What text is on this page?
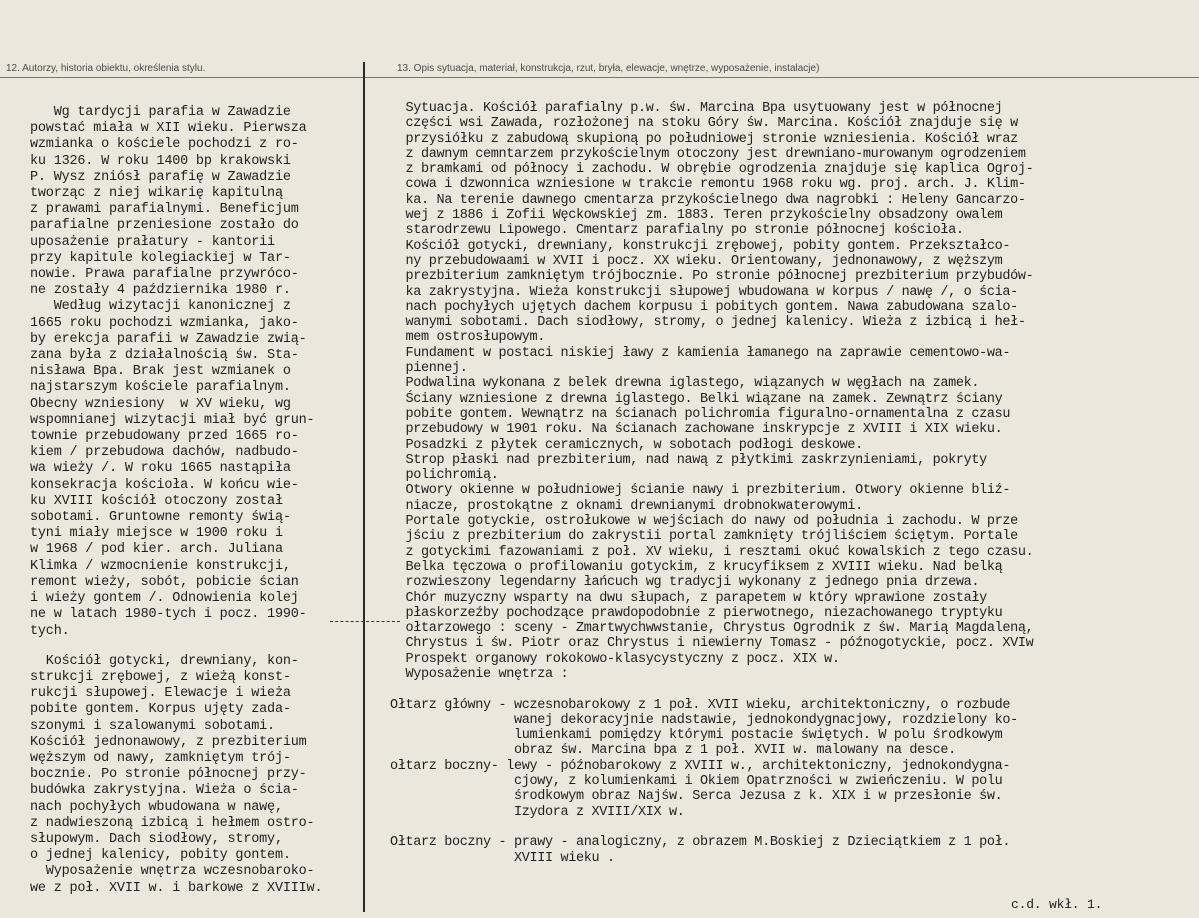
12. Autorzy, historia obiektu, określenia stylu.	13. Opis sytuacja, materiał, konstrukcja, rzut, bryła, elewacje, wnętrze, wyposażenie, instalacje)

Wg tardycji parafia w Zawadzie

powstać miała w XII wieku. Pierwsza

wzmianka o kościele pochodzi z ro-

ku 1326. W roku 1400 bp krakowski

P. Wysz zniósł parafię w Zawadzie

tworząc z niej wikarię kapitulną

z prawami parafialnymi. Beneficjum

parafialne przeniesione zostało do

uposażenie prałatury - kantorii

przy kapitule kolegiackiej w Tar-

nowie. Prawa parafialne przywróco-

ne zostały 4 października 1980 r.

Według wizytacji kanonicznej z

1665 roku pochodzi wzmianka, jako-

by erekcja parafii w Zawadzie zwią-

zana była z działalnością św. Sta-

nisława Bpa. Brak jest wzmianek o

najstarszym kościele parafialnym.

Obecny wzniesiony  w XV wieku, wg

wspomnianej wizytacji miał być grun-

townie przebudowany przed 1665 ro-

kiem / przebudowa dachów, nadbudo-

wa wieży /. W roku 1665 nastąpiła

konsekracja kościoła. W końcu wie-

ku XVIII kościół otoczony został

sobotami. Gruntowne remonty świą-

tyni miały miejsce w 1900 roku i

w 1968 / pod kier. arch. Juliana

Klimka / wzmocnienie konstrukcji,

remont wieży, sobót, pobicie ścian

i wieży gontem /. Odnowienia kolej

ne w latach 1980-tych i pocz. 1990-

tych.

Kościół gotycki, drewniany, kon-

strukcji zrębowej, z wieżą konst-

rukcji słupowej. Elewacje i wieża

pobite gontem. Korpus ujęty zada-

szonymi i szalowanymi sobotami.

Kościół jednonawowy, z prezbiterium

węższym od nawy, zamkniętym trój-

bocznie. Po stronie północnej przy-

budówka zakrystyjna. Wieża o ścia-

nach pochyłych wbudowana w nawę,

z nadwieszoną izbicą i hełmem ostro-

słupowym. Dach siodłowy, stromy,

o jednej kalenicy, pobity gontem.

Wyposażenie wnętrza wczesnobaroko-

we z poł. XVII w. i barkowe z XVIIIw.

Sytuacja. Kościół parafialny p.w. św. Marcina Bpa usytuowany jest w północnej

części wsi Zawada, rozłożonej na stoku Góry św. Marcina. Kościół znajduje się w

przysiółku z zabudową skupioną po południowej stronie wzniesienia. Kościół wraz

z dawnym cemntarzem przykościelnym otoczony jest drewniano-murowanym ogrodzeniem

z bramkami od północy i zachodu. W obrębie ogrodzenia znajduje się kaplica Ogroj-

cowa i dzwonnica wzniesione w trakcie remontu 1968 roku wg. proj. arch. J. Klim-

ka. Na terenie dawnego cmentarza przykościelnego dwa nagrobki : Heleny Gancarzo-

wej z 1886 i Zofii Węckowskiej zm. 1883. Teren przykościelny obsadzony owalem

starodrzewu Lipowego. Cmentarz parafialny po stronie północnej kościoła.

Kościół gotycki, drewniany, konstrukcji zrębowej, pobity gontem. Przekształco-

ny przebudowaami w XVII i pocz. XX wieku. Orientowany, jednonawowy, z węższym

prezbiterium zamkniętym trójbocznie. Po stronie północnej prezbiterium przybudów-

ka zakrystyjna. Wieża konstrukcji słupowej wbudowana w korpus / nawę /, o ścia-

nach pochyłych ujętych dachem korpusu i pobitych gontem. Nawa zabudowana szalo-

wanymi sobotami. Dach siodłowy, stromy, o jednej kalenicy. Wieża z izbicą i heł-

mem ostrosłupowym.

Fundament w postaci niskiej ławy z kamienia łamanego na zaprawie cementowo-wa-

piennej.

Podwalina wykonana z belek drewna iglastego, wiązanych w węgłach na zamek.

Ściany wzniesione z drewna iglastego. Belki wiązane na zamek. Zewnątrz ściany

pobite gontem. Wewnątrz na ścianach polichromia figuralno-ornamentalna z czasu

przebudowy w 1901 roku. Na ścianach zachowane inskrypcje z XVIII i XIX wieku.

Posadzki z płytek ceramicznych, w sobotach podłogi deskowe.

Strop płaski nad prezbiterium, nad nawą z płytkimi zaskrzynieniami, pokryty

polichromią.

Otwory okienne w południowej ścianie nawy i prezbiterium. Otwory okienne bliź-

niacze, prostokątne z oknami drewnianymi drobnokwaterowymi.

Portale gotyckie, ostrołukowe w wejściach do nawy od południa i zachodu. W prze

jściu z prezbiterium do zakrystii portal zamknięty trójliściem ściętym. Portale

z gotyckimi fazowaniami z poł. XV wieku, i resztami okuć kowalskich z tego czasu.

Belka tęczowa o profilowaniu gotyckim, z krucyfiksem z XVIII wieku. Nad belką

rozwieszony legendarny łańcuch wg tradycji wykonany z jednego pnia drzewa.

Chór muzyczny wsparty na dwu słupach, z parapetem w który wprawione zostały

płaskorzeźby pochodzące prawdopodobnie z pierwotnego, niezachowanego tryptyku

ołtarzowego : sceny - Zmartwychwwstanie, Chrystus Ogrodnik z św. Marią Magdaleną,

Chrystus i św. Piotr oraz Chrystus i niewierny Tomasz - późnogotyckie, pocz. XVIw

Prospekt organowy rokokowo-klasycystyczny z pocz. XIX w.

Wyposażenie wnętrza :

Ołtarz główny - wczesnobarokowy z 1 poł. XVII wieku, architektoniczny, o rozbude

wanej dekoracyjnie nadstawie, jednokondygnacjowy, rozdzielony ko-

lumienkami pomiędzy którymi postacie świętych. W polu środkowym

obraz św. Marcina bpa z 1 poł. XVII w. malowany na desce.

ołtarz boczny- lewy - późnobarokowy z XVIII w., architektoniczny, jednokondygna-

cjowy, z kolumienkami i Okiem Opatrzności w zwieńczeniu. W polu

środkowym obraz Najśw. Serca Jezusa z k. XIX i w przesłonie św.

Izydora z XVIII/XIX w.

Ołtarz boczny - prawy - analogiczny, z obrazem M.Boskiej z Dzieciątkiem z 1 poł.

XVIII wieku .

c.d. wkł. 1.
